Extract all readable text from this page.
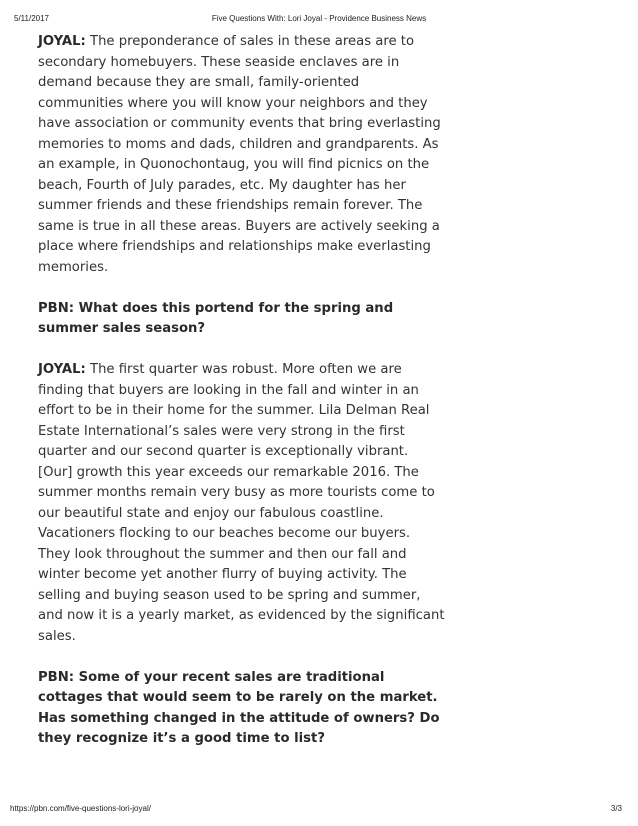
5/11/2017	Five Questions With: Lori Joyal - Providence Business News

JOYAL: The preponderance of sales in these areas are to secondary homebuyers. These seaside enclaves are in demand because they are small, family-oriented communities where you will know your neighbors and they have association or community events that bring everlasting memories to moms and dads, children and grandparents. As an example, in Quonochontaug, you will find picnics on the beach, Fourth of July parades, etc. My daughter has her summer friends and these friendships remain forever. The same is true in all these areas. Buyers are actively seeking a place where friendships and relationships make everlasting memories.

PBN: What does this portend for the spring and summer sales season?

JOYAL: The first quarter was robust. More often we are finding that buyers are looking in the fall and winter in an effort to be in their home for the summer. Lila Delman Real Estate International’s sales were very strong in the first quarter and our second quarter is exceptionally vibrant. [Our] growth this year exceeds our remarkable 2016. The summer months remain very busy as more tourists come to our beautiful state and enjoy our fabulous coastline. Vacationers flocking to our beaches become our buyers. They look throughout the summer and then our fall and winter become yet another flurry of buying activity. The selling and buying season used to be spring and summer, and now it is a yearly market, as evidenced by the significant sales.

PBN: Some of your recent sales are traditional cottages that would seem to be rarely on the market. Has something changed in the attitude of owners? Do they recognize it’s a good time to list?

https://pbn.com/five-questions-lori-joyal/	3/3
